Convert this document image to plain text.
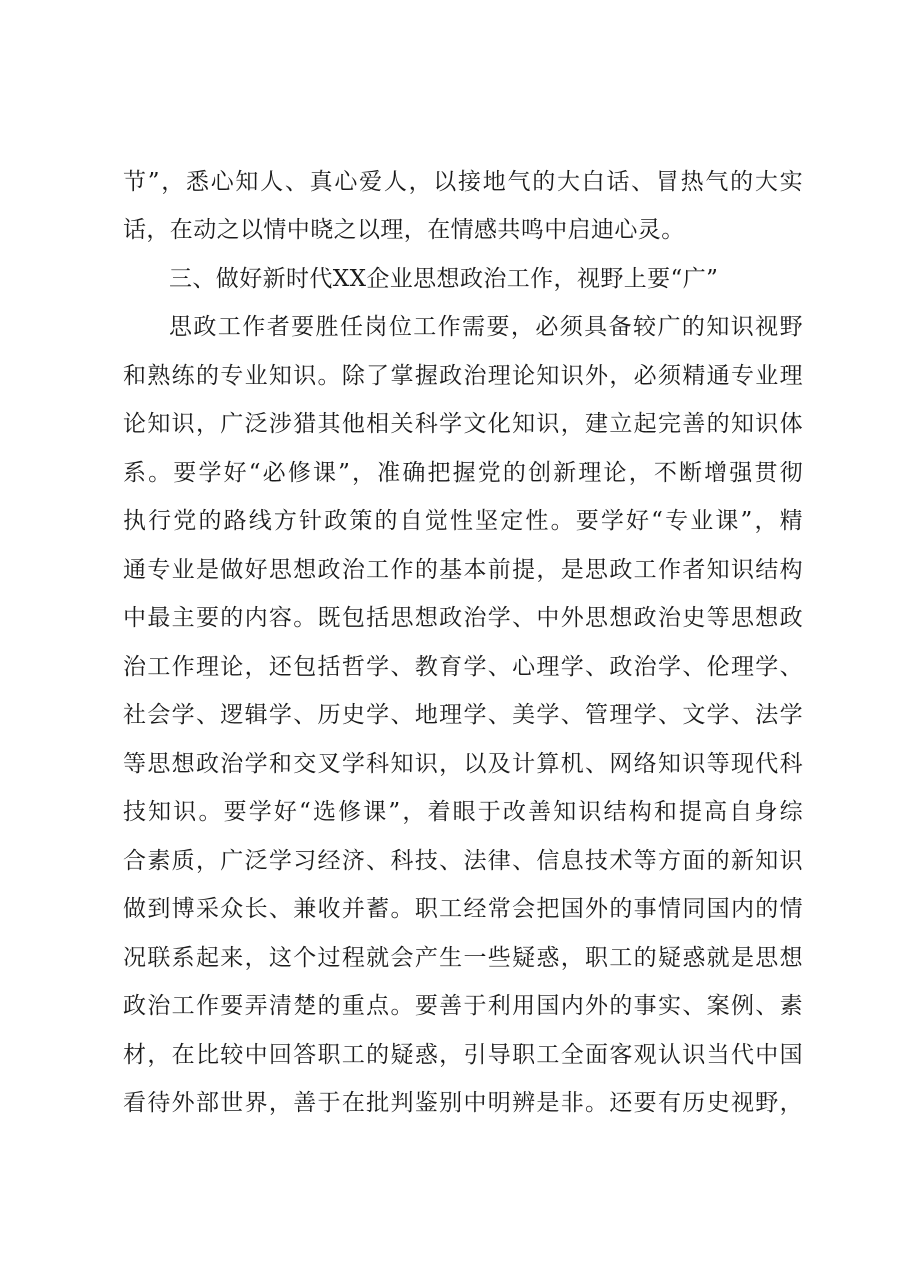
节”，悉心知人、真心爱人，以接地气的大白话、冒热气的大实
话，在动之以情中晓之以理，在情感共鸣中启迪心灵。
三、做好新时代XX企业思想政治工作，视野上要“广”
思政工作者要胜任岗位工作需要，必须具备较广的知识视野
和熟练的专业知识。除了掌握政治理论知识外，必须精通专业理
论知识，广泛涉猎其他相关科学文化知识，建立起完善的知识体
系。要学好“必修课”，准确把握党的创新理论，不断增强贯彻
执行党的路线方针政策的自觉性坚定性。要学好“专业课”，精
通专业是做好思想政治工作的基本前提，是思政工作者知识结构
中最主要的内容。既包括思想政治学、中外思想政治史等思想政
治工作理论，还包括哲学、教育学、心理学、政治学、伦理学、
社会学、逻辑学、历史学、地理学、美学、管理学、文学、法学
等思想政治学和交叉学科知识，以及计算机、网络知识等现代科
技知识。要学好“选修课”，着眼于改善知识结构和提高自身综
合素质，广泛学习经济、科技、法律、信息技术等方面的新知识
做到博采众长、兼收并蓄。职工经常会把国外的事情同国内的情
况联系起来，这个过程就会产生一些疑惑，职工的疑惑就是思想
政治工作要弄清楚的重点。要善于利用国内外的事实、案例、素
材，在比较中回答职工的疑惑，引导职工全面客观认识当代中国
看待外部世界，善于在批判鉴别中明辨是非。还要有历史视野，
